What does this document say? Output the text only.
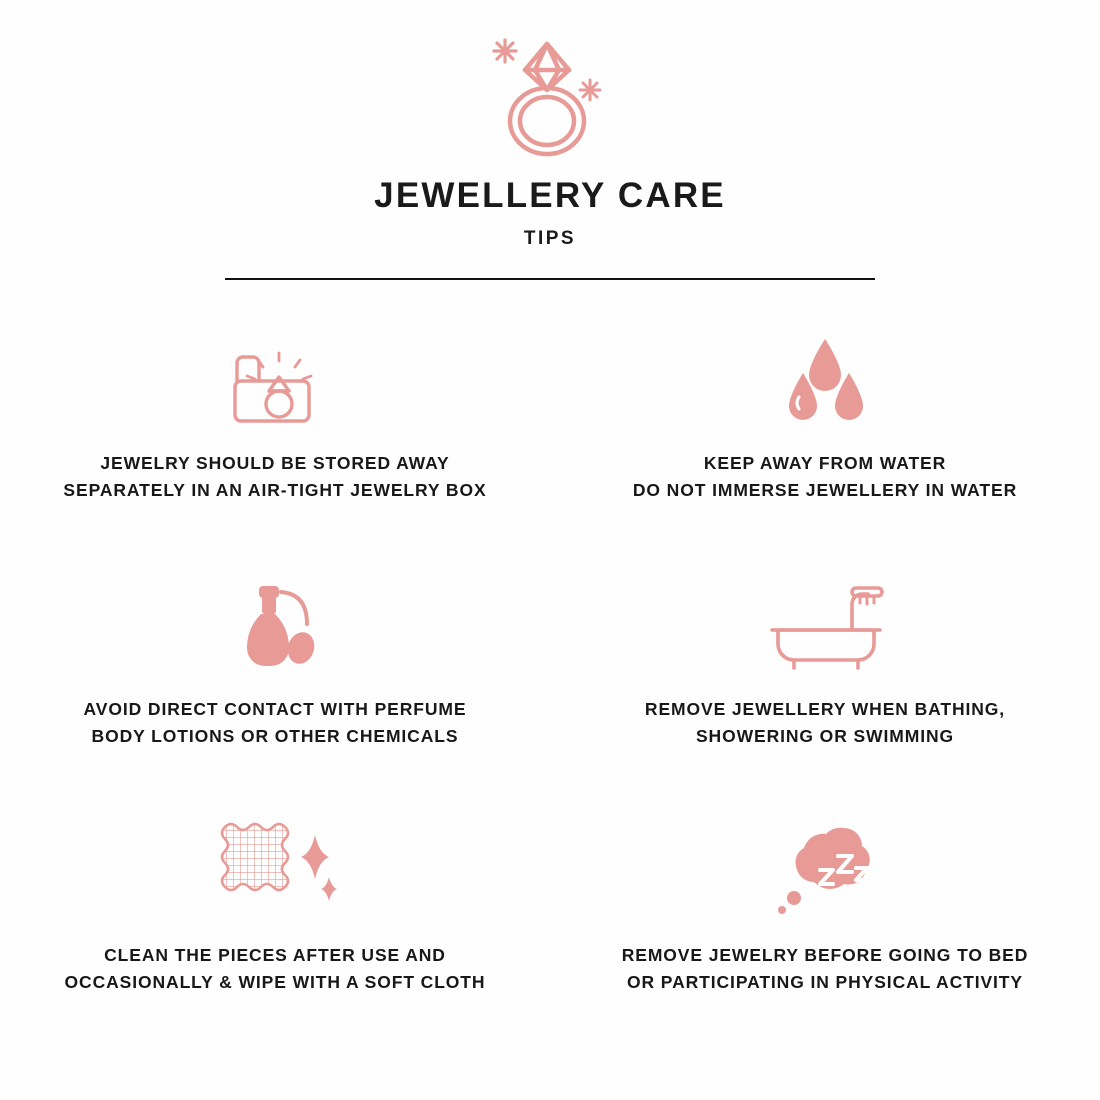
JEWELLERY CARE
TIPS
JEWELRY SHOULD BE STORED AWAY
SEPARATELY IN AN AIR-TIGHT JEWELRY BOX
KEEP AWAY FROM WATER
DO NOT IMMERSE JEWELLERY IN WATER
AVOID DIRECT CONTACT WITH PERFUME
BODY LOTIONS OR OTHER CHEMICALS
REMOVE JEWELLERY WHEN BATHING,
SHOWERING OR SWIMMING
CLEAN THE PIECES AFTER USE AND
OCCASIONALLY & WIPE WITH A SOFT CLOTH
REMOVE JEWELRY BEFORE GOING TO BED
OR PARTICIPATING IN PHYSICAL ACTIVITY
